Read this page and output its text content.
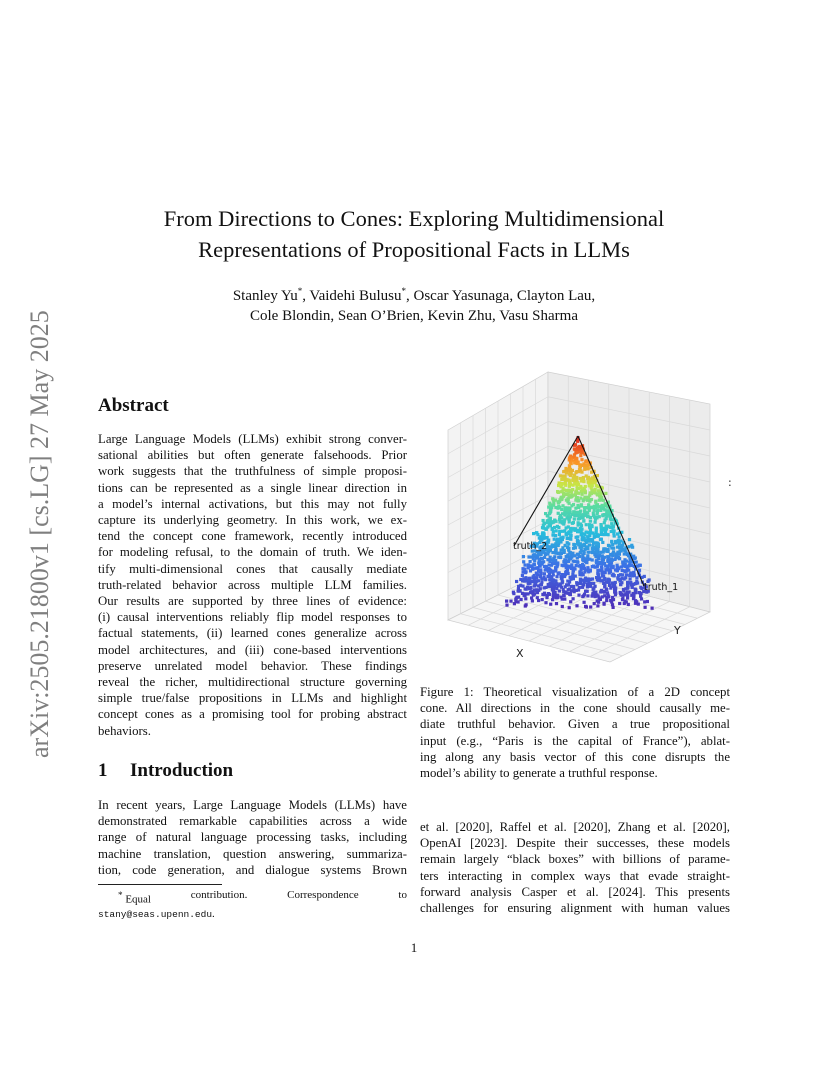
arXiv:2505.21800v1 [cs.LG] 27 May 2025
From Directions to Cones: Exploring Multidimensional
Representations of Propositional Facts in LLMs
Stanley Yu*, Vaidehi Bulusu*, Oscar Yasunaga, Clayton Lau,
Cole Blondin, Sean O’Brien, Kevin Zhu, Vasu Sharma
Abstract
Large Language Models (LLMs) exhibit strong conver-
sational abilities but often generate falsehoods. Prior
work suggests that the truthfulness of simple proposi-
tions can be represented as a single linear direction in
a model’s internal activations, but this may not fully
capture its underlying geometry. In this work, we ex-
tend the concept cone framework, recently introduced
for modeling refusal, to the domain of truth. We iden-
tify multi-dimensional cones that causally mediate
truth-related behavior across multiple LLM families.
Our results are supported by three lines of evidence:
(i) causal interventions reliably flip model responses to
factual statements, (ii) learned cones generalize across
model architectures, and (iii) cone-based interventions
preserve unrelated model behavior. These findings
reveal the richer, multidirectional structure governing
simple true/false propositions in LLMs and highlight
concept cones as a promising tool for probing abstract
behaviors.
truth_2
truth_1
X
Y
:
Figure 1: Theoretical visualization of a 2D concept
cone. All directions in the cone should causally me-
diate truthful behavior. Given a true propositional
input (e.g., “Paris is the capital of France”), ablat-
ing along any basis vector of this cone disrupts the
model’s ability to generate a truthful response.
1 Introduction
In recent years, Large Language Models (LLMs) have
demonstrated remarkable capabilities across a wide
range of natural language processing tasks, including
machine translation, question answering, summariza-
tion, code generation, and dialogue systems Brown
et al. [2020], Raffel et al. [2020], Zhang et al. [2020],
OpenAI [2023]. Despite their successes, these models
remain largely “black boxes” with billions of parame-
ters interacting in complex ways that evade straight-
forward analysis Casper et al. [2024]. This presents
challenges for ensuring alignment with human values
* Equal	contribution.	Correspondence	to
stany@seas.upenn.edu.
1
